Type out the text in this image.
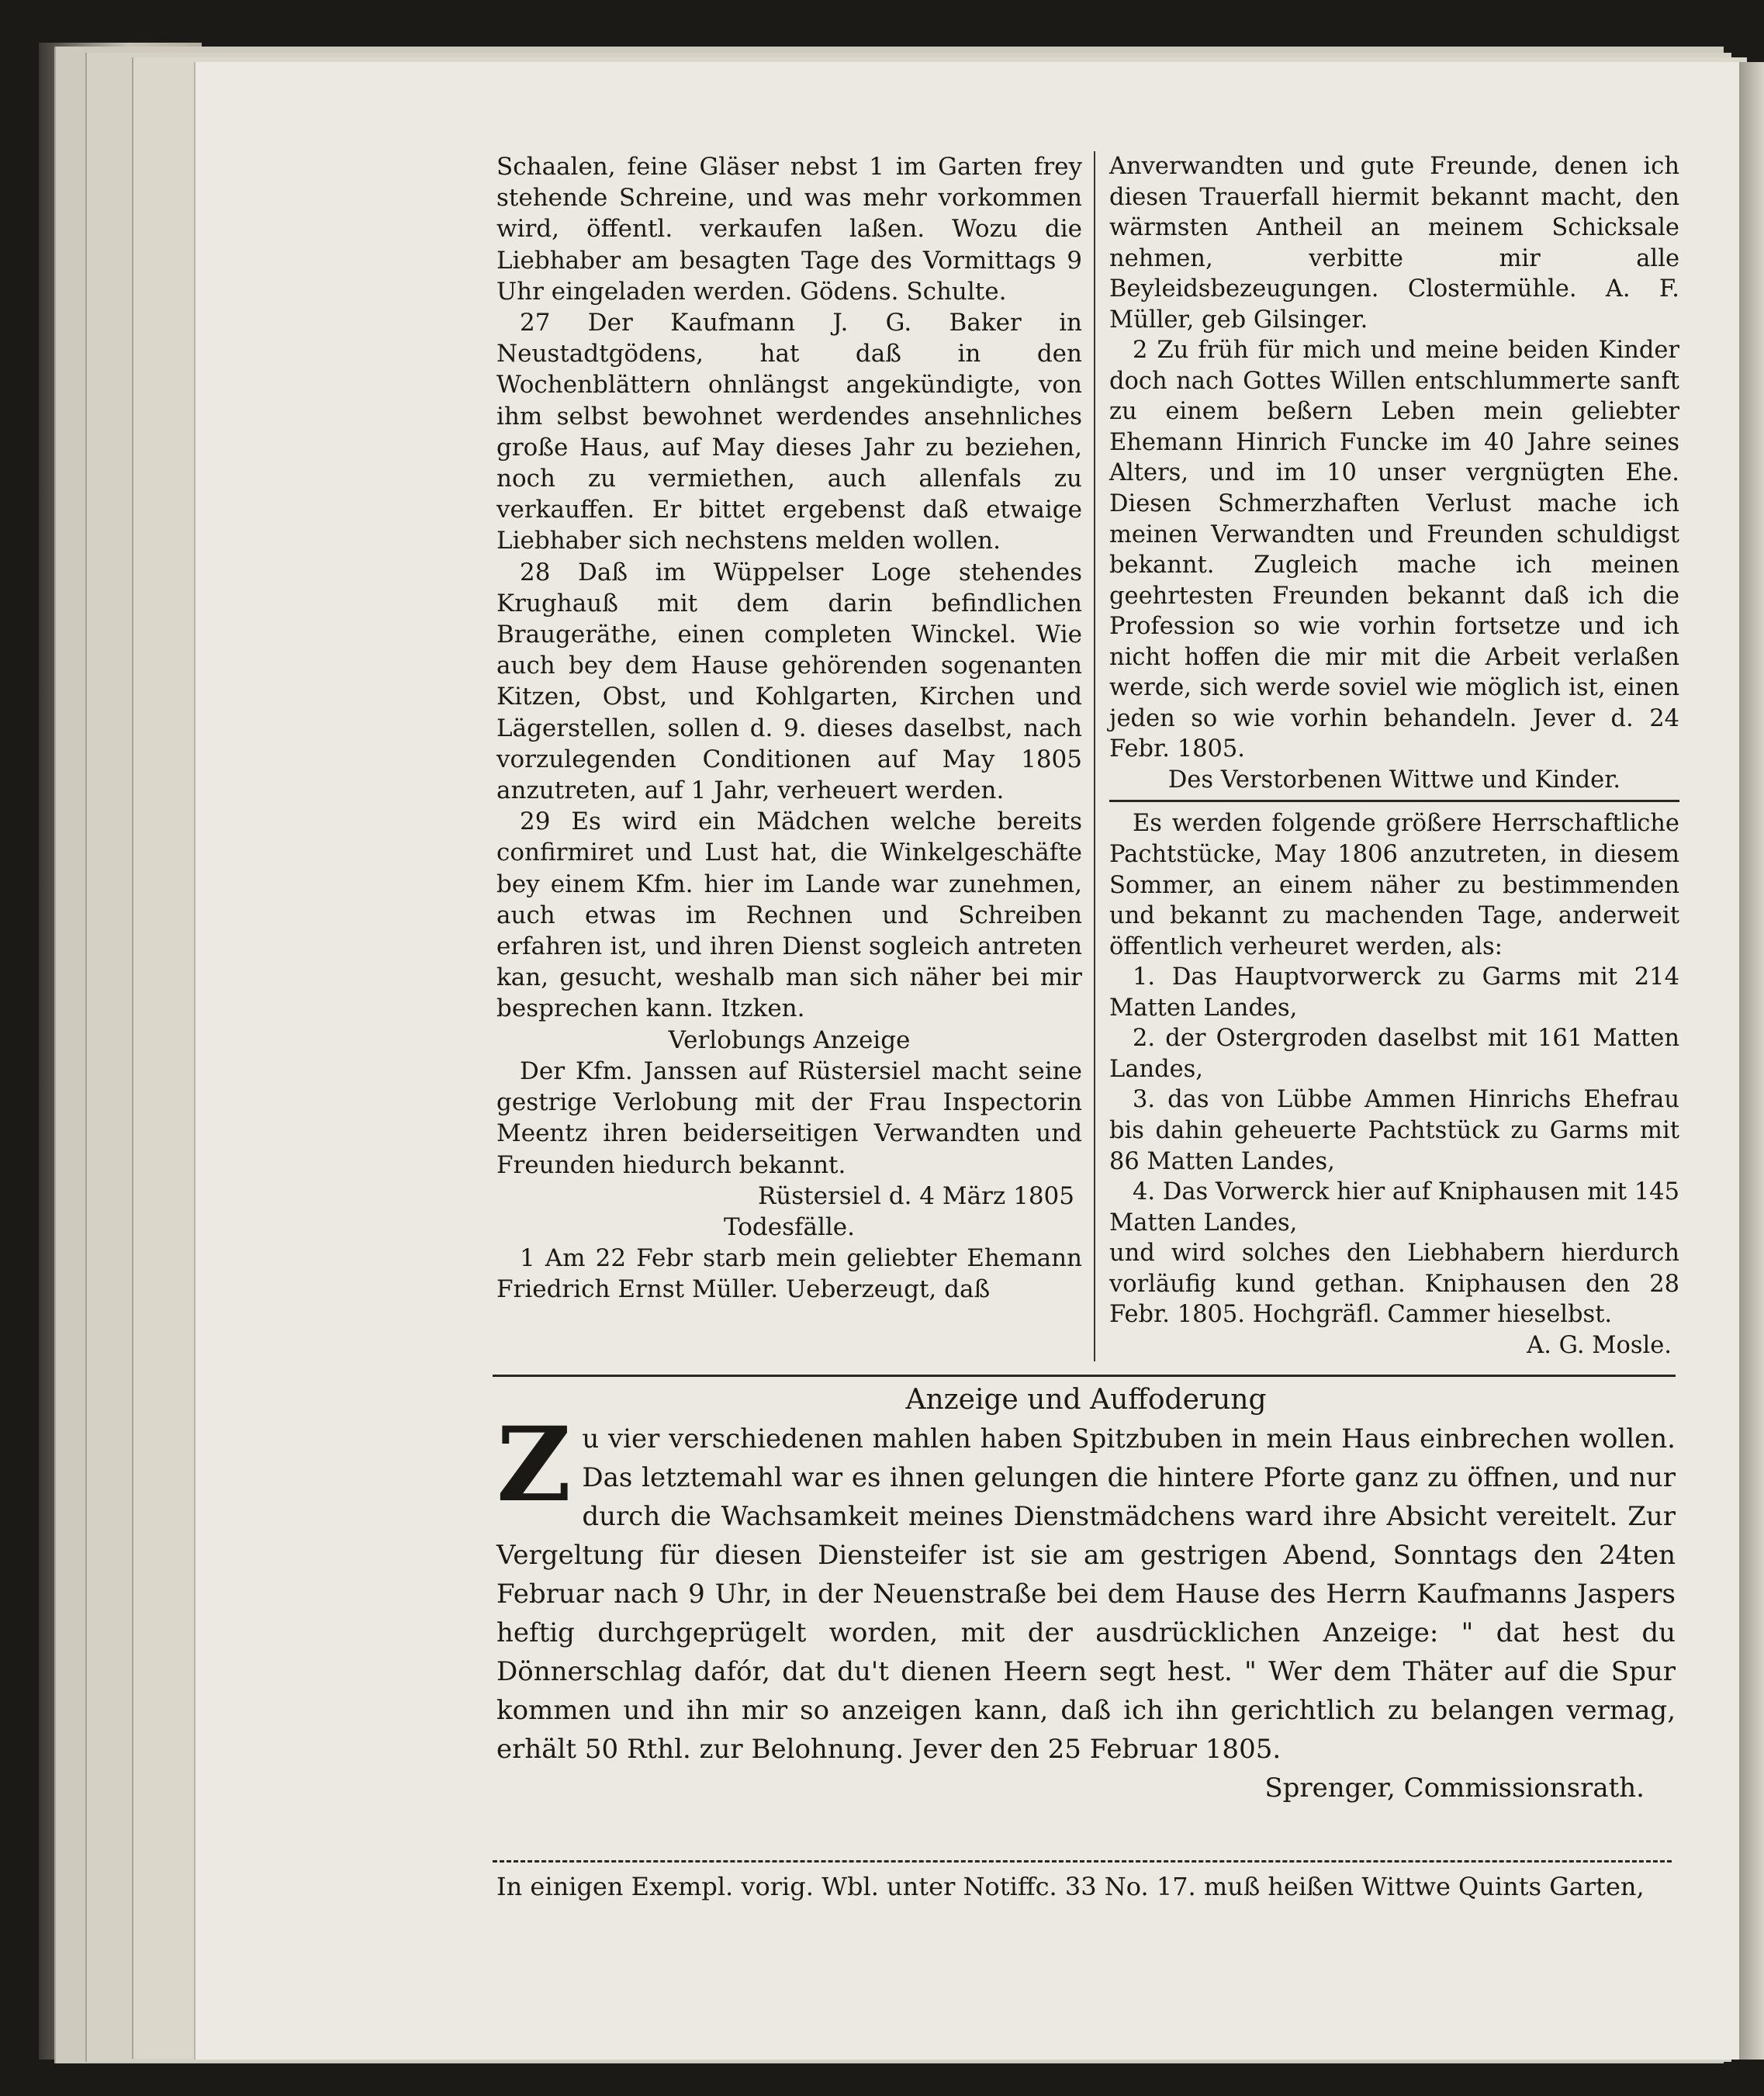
Schaalen, feine Gläser nebst 1 im Garten frey stehende Schreine, und was mehr vorkommen wird, öffentl. verkaufen laßen. Wozu die Liebhaber am besagten Tage des Vormittags 9 Uhr eingeladen werden. Gödens. Schulte.

27 Der Kaufmann J. G. Baker in Neustadtgödens, hat daß in den Wochenblättern ohnlängst angekündigte, von ihm selbst bewohnet werdendes ansehnliches große Haus, auf May dieses Jahr zu beziehen, noch zu vermiethen, auch allenfals zu verkauffen. Er bittet ergebenst daß etwaige Liebhaber sich nechstens melden wollen.

28 Daß im Wüppelser Loge stehendes Krughauß mit dem darin befindlichen Braugeräthe, einen completen Winckel. Wie auch bey dem Hause gehörenden sogenanten Kitzen, Obst, und Kohlgarten, Kirchen und Lägerstellen, sollen d. 9. dieses daselbst, nach vorzulegenden Conditionen auf May 1805 anzutreten, auf 1 Jahr, verheuert werden.

29 Es wird ein Mädchen welche bereits confirmiret und Lust hat, die Winkelgeschäfte bey einem Kfm. hier im Lande war zunehmen, auch etwas im Rechnen und Schreiben erfahren ist, und ihren Dienst sogleich antreten kan, gesucht, weshalb man sich näher bei mir besprechen kann. Itzken.

Verlobungs Anzeige

Der Kfm. Janssen auf Rüstersiel macht seine gestrige Verlobung mit der Frau Inspectorin Meentz ihren beiderseitigen Verwandten und Freunden hiedurch bekannt.

Rüstersiel d. 4 März 1805

Todesfälle.

1 Am 22 Febr starb mein geliebter Ehemann Friedrich Ernst Müller. Ueberzeugt, daß

Anverwandten und gute Freunde, denen ich diesen Trauerfall hiermit bekannt macht, den wärmsten Antheil an meinem Schicksale nehmen, verbitte mir alle Beyleidsbezeugungen. Clostermühle. A. F. Müller, geb Gilsinger.

2 Zu früh für mich und meine beiden Kinder doch nach Gottes Willen entschlummerte sanft zu einem beßern Leben mein geliebter Ehemann Hinrich Funcke im 40 Jahre seines Alters, und im 10 unser vergnügten Ehe. Diesen Schmerzhaften Verlust mache ich meinen Verwandten und Freunden schuldigst bekannt. Zugleich mache ich meinen geehrtesten Freunden bekannt daß ich die Profession so wie vorhin fortsetze und ich nicht hoffen die mir mit die Arbeit verlaßen werde, sich werde soviel wie möglich ist, einen jeden so wie vorhin behandeln. Jever d. 24 Febr. 1805.

Des Verstorbenen Wittwe und Kinder.

Es werden folgende größere Herrschaftliche Pachtstücke, May 1806 anzutreten, in diesem Sommer, an einem näher zu bestimmenden und bekannt zu machenden Tage, anderweit öffentlich verheuret werden, als:

1. Das Hauptvorwerck zu Garms mit 214 Matten Landes,

2. der Ostergroden daselbst mit 161 Matten Landes,

3. das von Lübbe Ammen Hinrichs Ehefrau bis dahin geheuerte Pachtstück zu Garms mit 86 Matten Landes,

4. Das Vorwerck hier auf Kniphausen mit 145 Matten Landes,

und wird solches den Liebhabern hierdurch vorläufig kund gethan. Kniphausen den 28 Febr. 1805. Hochgräfl. Cammer hieselbst.

A. G. Mosle.

Anzeige und Auffoderung
Z u vier verschiedenen mahlen haben Spitzbuben in mein Haus einbrechen wollen. Das letztemahl war es ihnen gelungen die hintere Pforte ganz zu öffnen, und nur durch die Wachsamkeit meines Dienstmädchens ward ihre Absicht vereitelt. Zur Vergeltung für diesen Diensteifer ist sie am gestrigen Abend, Sonntags den 24ten Februar nach 9 Uhr, in der Neuenstraße bei dem Hause des Herrn Kaufmanns Jaspers heftig durchgeprügelt worden, mit der ausdrücklichen Anzeige: " dat hest du Dönnerschlag dafór, dat du't dienen Heern segt hest. " Wer dem Thäter auf die Spur kommen und ihn mir so anzeigen kann, daß ich ihn gerichtlich zu belangen vermag, erhält 50 Rthl. zur Belohnung. Jever den 25 Februar 1805.

Sprenger, Commissionsrath.

In einigen Exempl. vorig. Wbl. unter Notiffc. 33 No. 17. muß heißen Wittwe Quints Garten,
